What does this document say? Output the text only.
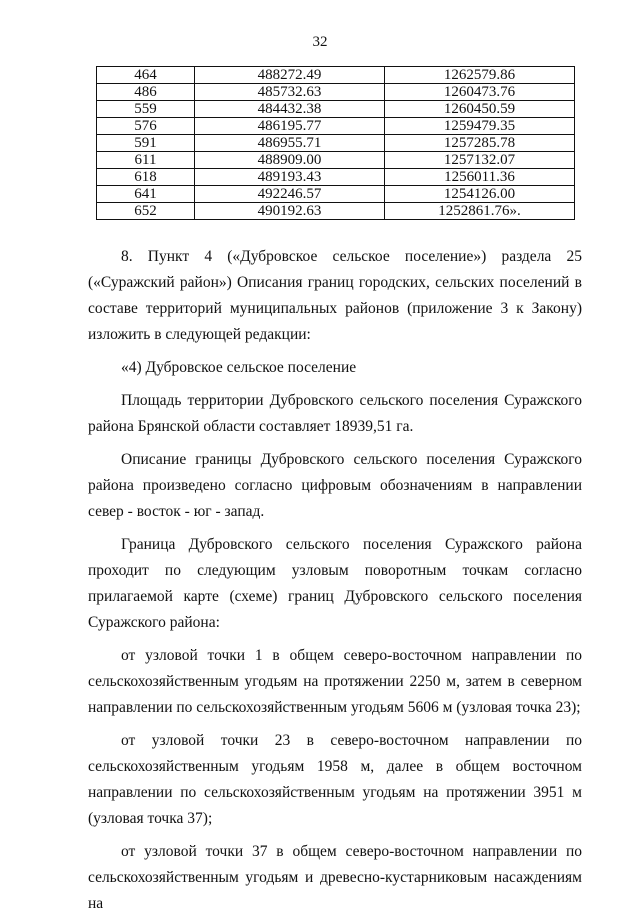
32
464	488272.49	1262579.86
486	485732.63	1260473.76
559	484432.38	1260450.59
576	486195.77	1259479.35
591	486955.71	1257285.78
611	488909.00	1257132.07
618	489193.43	1256011.36
641	492246.57	1254126.00
652	490192.63	1252861.76».

8. Пункт 4 («Дубровское сельское поселение») раздела 25 («Суражский район») Описания границ городских, сельских поселений в составе территорий муниципальных районов (приложение 3 к Закону) изложить в следующей редакции:

«4) Дубровское сельское поселение

Площадь территории Дубровского сельского поселения Суражского района Брянской области составляет 18939,51 га.

Описание границы Дубровского сельского поселения Суражского района произведено согласно цифровым обозначениям в направлении север - восток - юг - запад.

Граница Дубровского сельского поселения Суражского района проходит по следующим узловым поворотным точкам согласно прилагаемой карте (схеме) границ Дубровского сельского поселения Суражского района:

от узловой точки 1 в общем северо-восточном направлении по сельскохозяйственным угодьям на протяжении 2250 м, затем в северном направлении по сельскохозяйственным угодьям 5606 м (узловая точка 23);

от узловой точки 23 в северо-восточном направлении по сельскохозяйственным угодьям 1958 м, далее в общем восточном направлении по сельскохозяйственным угодьям на протяжении 3951 м (узловая точка 37);

от узловой точки 37 в общем северо-восточном направлении по сельскохозяйственным угодьям и древесно-кустарниковым насаждениям на
